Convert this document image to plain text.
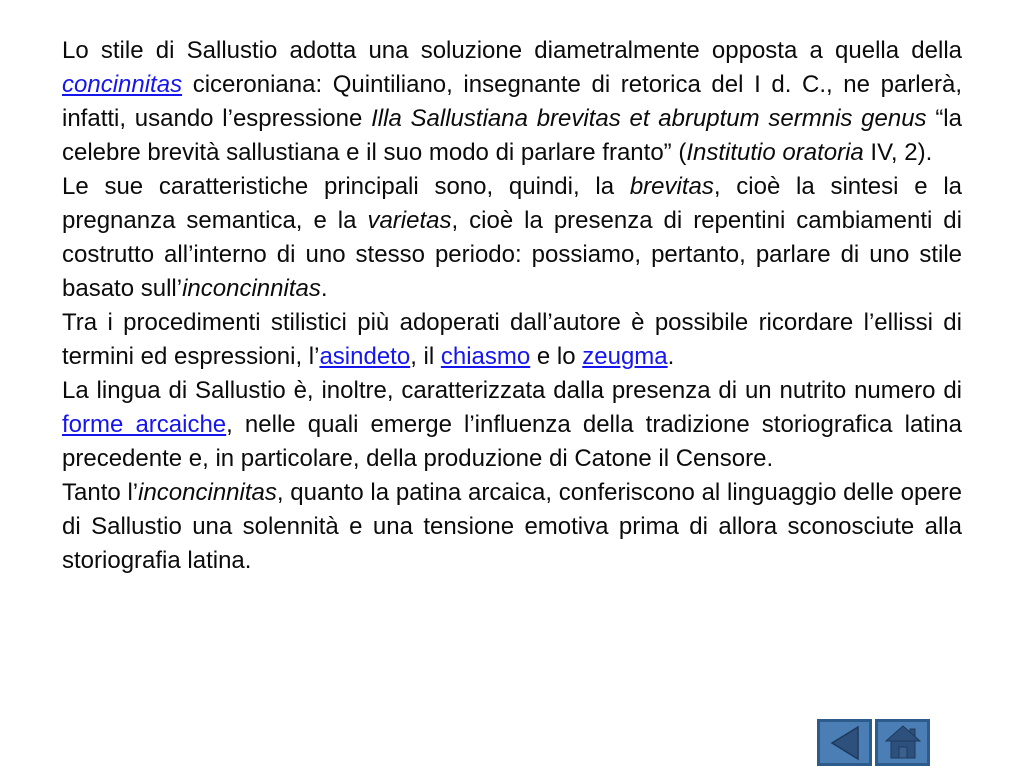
Lo stile di Sallustio adotta una soluzione diametralmente opposta a quella della concinnitas ciceroniana: Quintiliano, insegnante di retorica del I d. C., ne parlerà, infatti, usando l’espressione Illa Sallustiana brevitas et abruptum sermnis genus “la celebre brevità sallustiana e il suo modo di parlare franto” (Institutio oratoria IV, 2).

Le sue caratteristiche principali sono, quindi, la brevitas, cioè la sintesi e la pregnanza semantica, e la varietas, cioè la presenza di repentini cambiamenti di costrutto all’interno di uno stesso periodo: possiamo, pertanto, parlare di uno stile basato sull’inconcinnitas.

Tra i procedimenti stilistici più adoperati dall’autore è possibile ricordare l’ellissi di termini ed espressioni, l’asindeto, il chiasmo e lo zeugma.

La lingua di Sallustio è, inoltre, caratterizzata dalla presenza di un nutrito numero di forme arcaiche, nelle quali emerge l’influenza della tradizione storiografica latina precedente e, in particolare, della produzione di Catone il Censore.

Tanto l’inconcinnitas, quanto la patina arcaica, conferiscono al linguaggio delle opere di Sallustio una solennità e una tensione emotiva prima di allora sconosciute alla storiografia latina.
